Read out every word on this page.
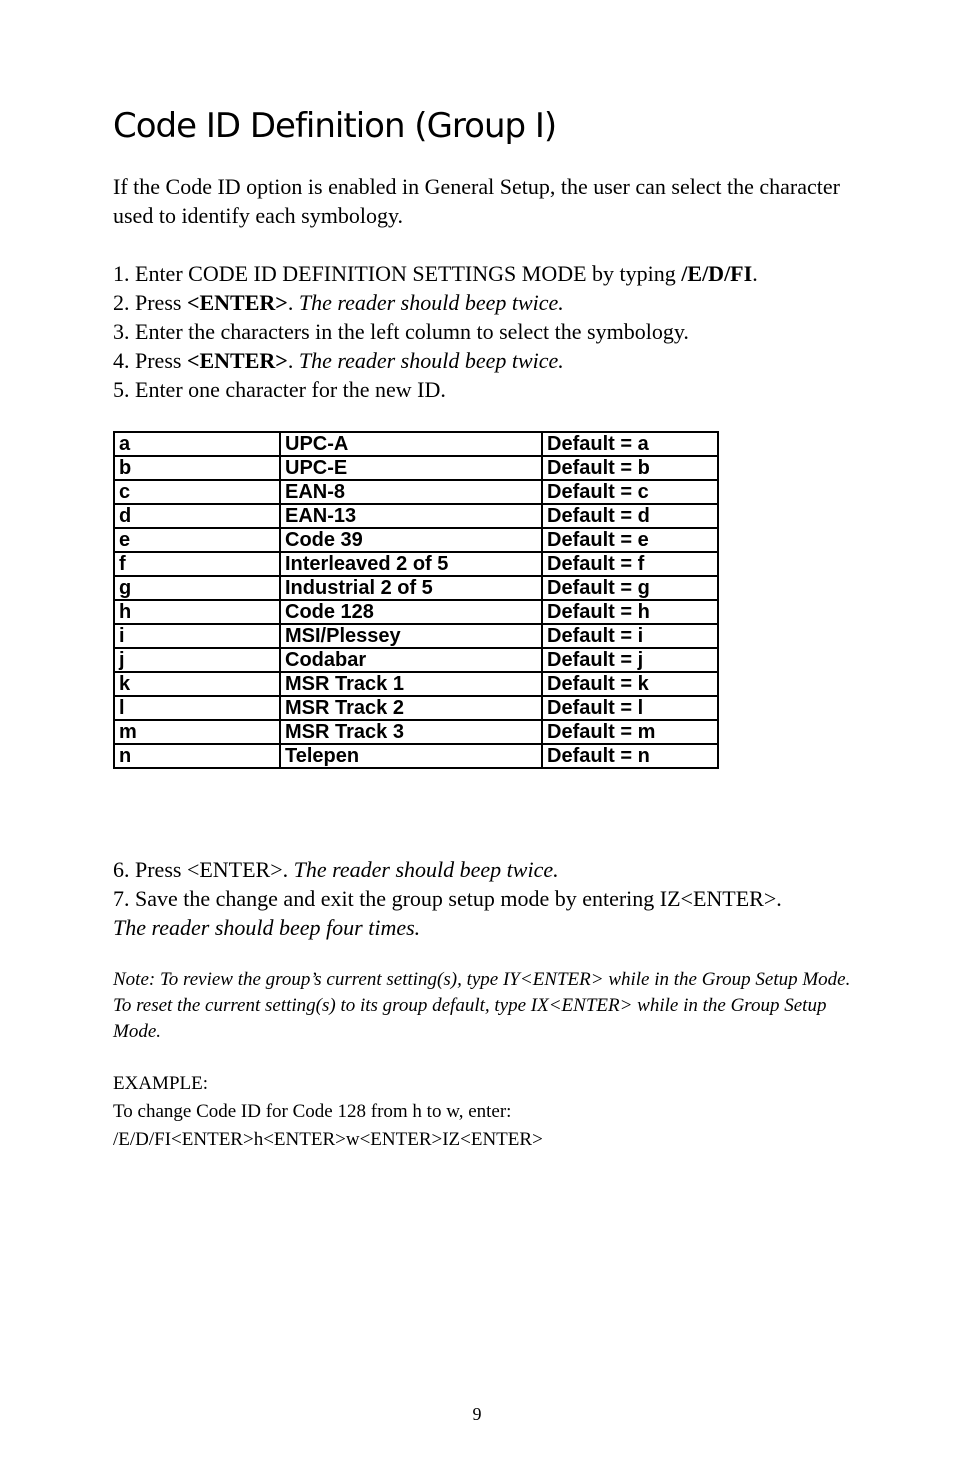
Code ID Definition (Group I)

If the Code ID option is enabled in General Setup, the user can select the character used to identify each symbology.

1. Enter CODE ID DEFINITION SETTINGS MODE by typing /E/D/FI.
2. Press <ENTER>. The reader should beep twice.
3. Enter the characters in the left column to select the symbology.
4. Press <ENTER>. The reader should beep twice.
5. Enter one character for the new ID.
a	UPC-A	Default = a
b	UPC-E	Default = b
c	EAN-8	Default = c
d	EAN-13	Default = d
e	Code 39	Default = e
f	Interleaved 2 of 5	Default = f
g	Industrial 2 of 5	Default = g
h	Code 128	Default = h
i	MSI/Plessey	Default = i
j	Codabar	Default = j
k	MSR Track 1	Default = k
l	MSR Track 2	Default = l
m	MSR Track 3	Default = m
n	Telepen	Default = n
6. Press <ENTER>. The reader should beep twice.
7. Save the change and exit the group setup mode by entering IZ<ENTER>.
The reader should beep four times.

Note: To review the group’s current setting(s), type IY<ENTER> while in the Group Setup Mode. To reset the current setting(s) to its group default, type IX<ENTER> while in the Group Setup Mode.

EXAMPLE:
To change Code ID for Code 128 from h to w, enter:
/E/D/FI<ENTER>h<ENTER>w<ENTER>IZ<ENTER>
9
